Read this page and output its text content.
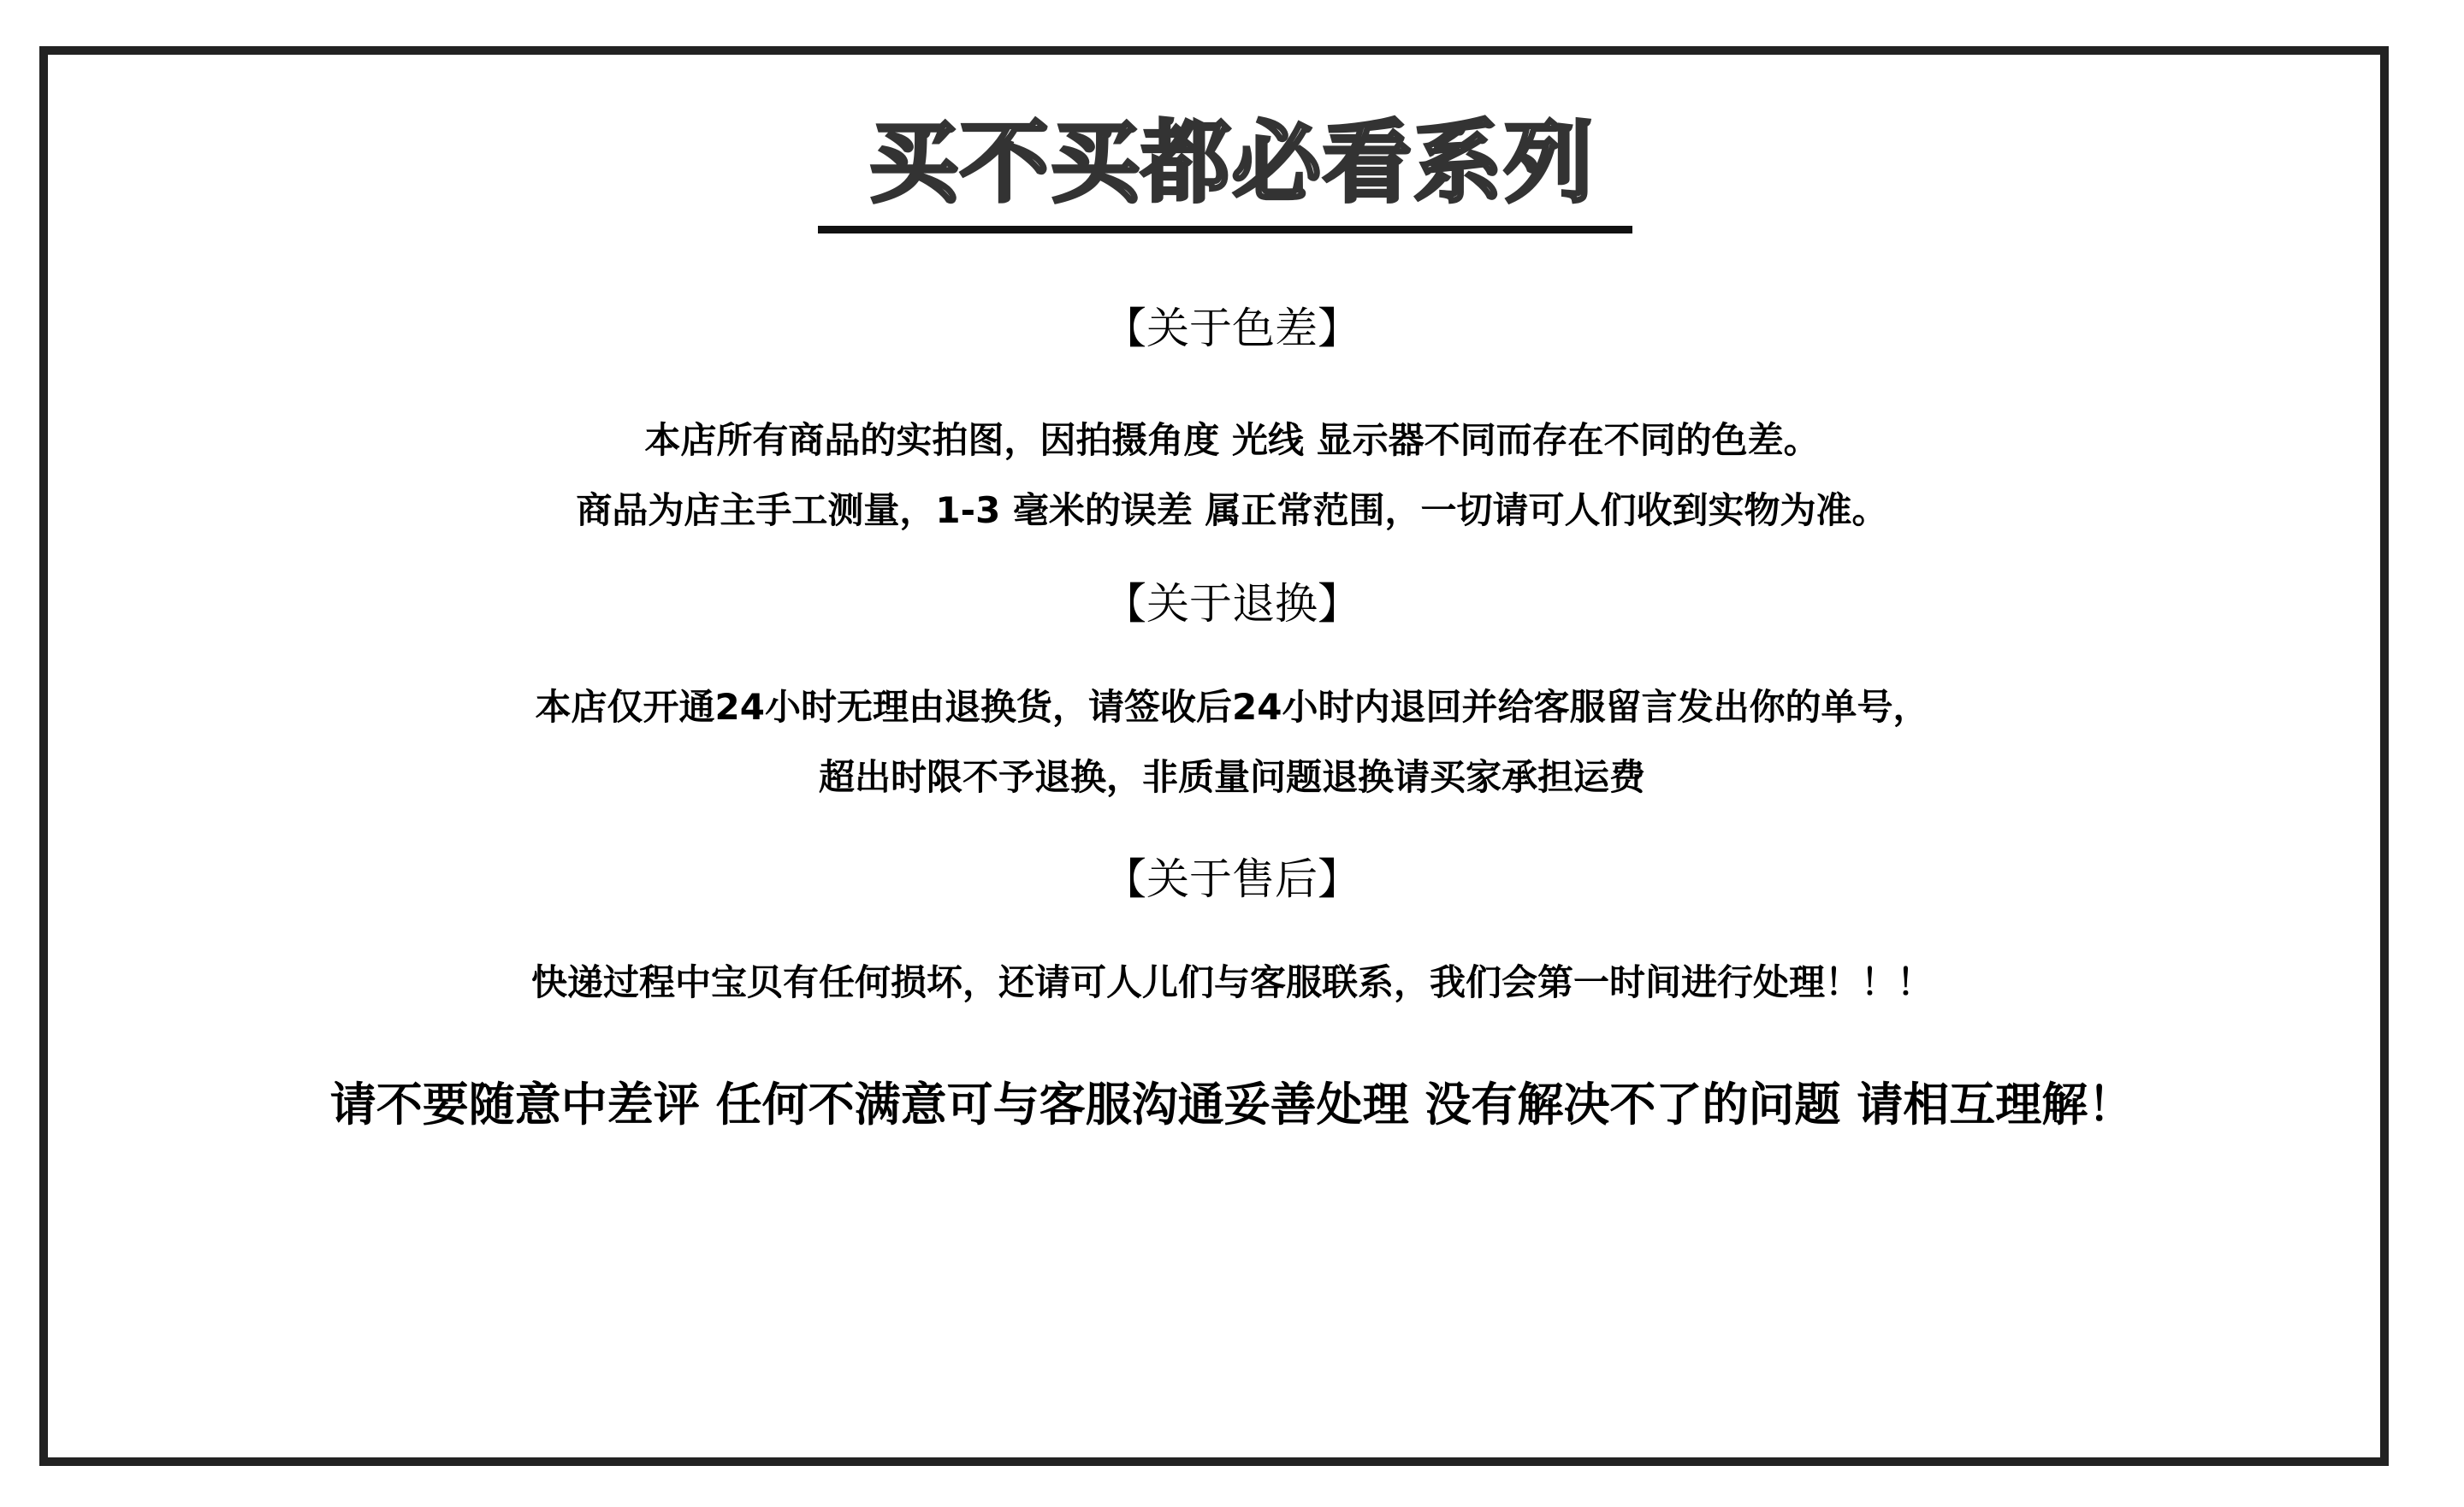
买不买都必看系列
【关于色差】
本店所有商品的实拍图，因拍摄角度 光线 显示器不同而存在不同的色差。
商品为店主手工测量，1-3 毫米的误差 属正常范围，一切请可人们收到实物为准。
【关于退换】
本店仅开通24小时无理由退换货，请签收后24小时内退回并给客服留言发出你的单号，
超出时限不予退换，非质量问题退换请买家承担运费
【关于售后】
快递过程中宝贝有任何损坏，还请可人儿们与客服联系，我们会第一时间进行处理！！！
请不要随意中差评 任何不满意可与客服沟通妥善处理 没有解决不了的问题 请相互理解！
